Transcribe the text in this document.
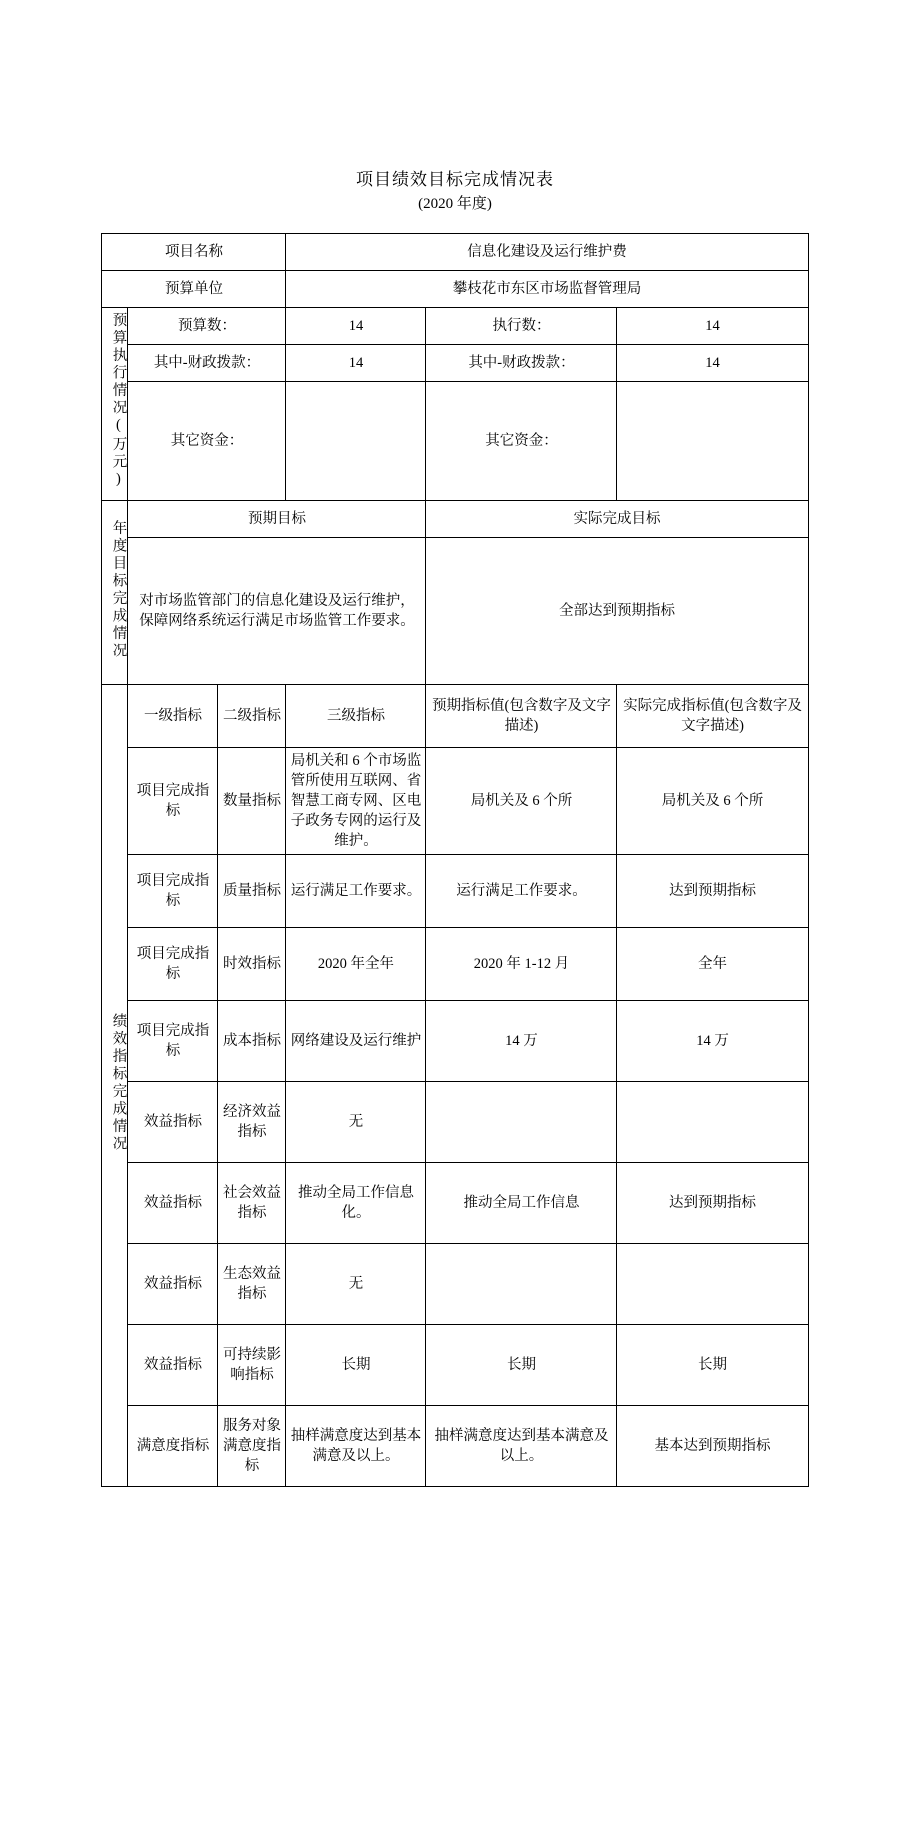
项目绩效目标完成情况表
(2020 年度)
项目名称			信息化建设及运行维护费		
预算单位			攀枝花市东区市场监督管理局		
预算执行情况(万元)	预算数：		14	执行数：	14
	其中-财政拨款：		14	其中-财政拨款：	14
	其它资金：			其它资金：	
年度目标完成情况	预期目标			实际完成目标	
	对市场监管部门的信息化建设及运行维护，保障网络系统运行满足市场监管工作要求。			全部达到预期指标	
绩效指标完成情况	一级指标	二级指标	三级指标	预期指标值(包含数字及文字描述)	实际完成指标值(包含数字及文字描述)
	项目完成指标	数量指标	局机关和 6 个市场监管所使用互联网、省智慧工商专网、区电子政务专网的运行及维护。	局机关及 6 个所	局机关及 6 个所
	项目完成指标	质量指标	运行满足工作要求。	运行满足工作要求。	达到预期指标
	项目完成指标	时效指标	2020 年全年	2020 年 1-12 月	全年
	项目完成指标	成本指标	网络建设及运行维护	14 万	14 万
	效益指标	经济效益指标	无		
	效益指标	社会效益指标	推动全局工作信息化。	推动全局工作信息	达到预期指标
	效益指标	生态效益指标	无		
	效益指标	可持续影响指标	长期	长期	长期
	满意度指标	服务对象满意度指标	抽样满意度达到基本满意及以上。	抽样满意度达到基本满意及以上。	基本达到预期指标
